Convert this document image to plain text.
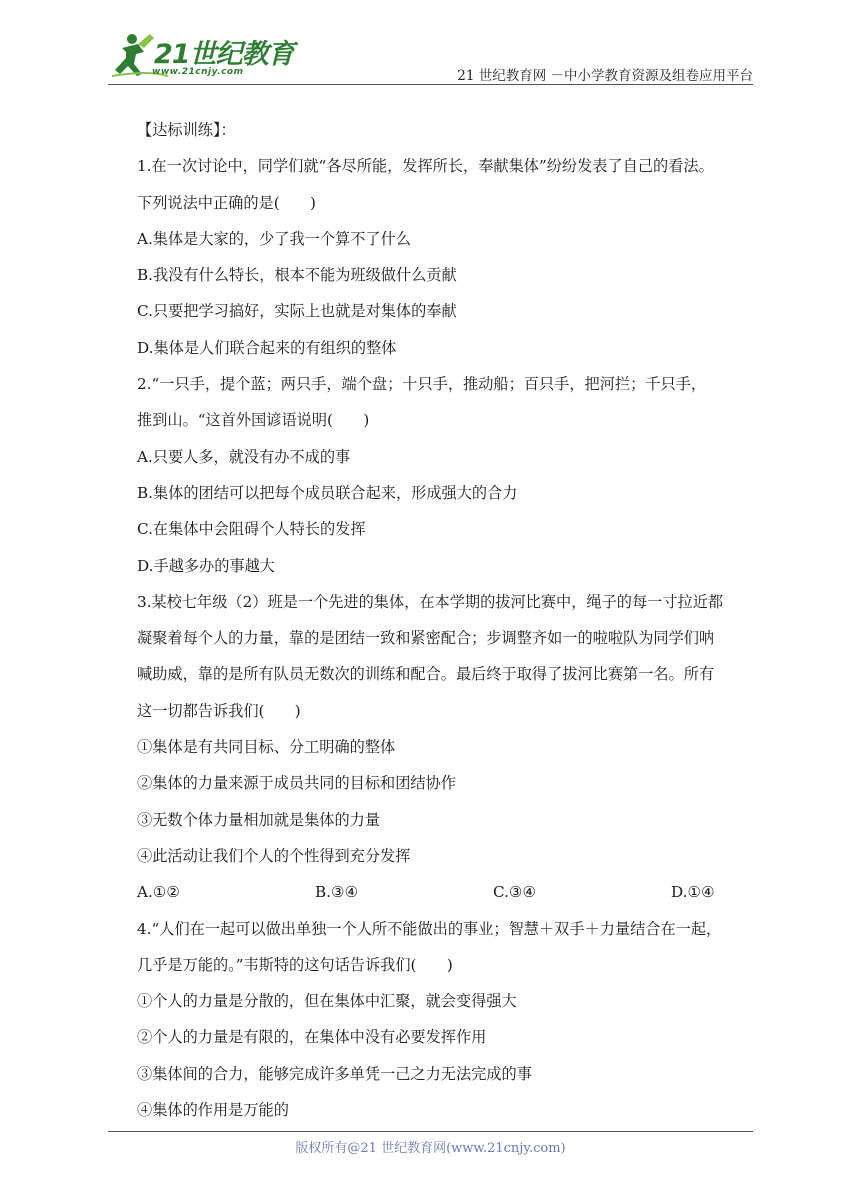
21世纪教育
www.21cnjy.com	21 世纪教育网 －中小学教育资源及组卷应用平台
【达标训练】：
1.在一次讨论中，同学们就“各尽所能，发挥所长，奉献集体”纷纷发表了自己的看法。
下列说法中正确的是(　　)
A.集体是大家的，少了我一个算不了什么
B.我没有什么特长，根本不能为班级做什么贡献
C.只要把学习搞好，实际上也就是对集体的奉献
D.集体是人们联合起来的有组织的整体
2.“一只手，提个蓝；两只手，端个盘；十只手，推动船；百只手，把河拦；千只手，
推到山。“这首外国谚语说明(　　)
A.只要人多，就没有办不成的事
B.集体的团结可以把每个成员联合起来，形成强大的合力
C.在集体中会阻碍个人特长的发挥
D.手越多办的事越大
3.某校七年级（2）班是一个先进的集体，在本学期的拔河比赛中，绳子的每一寸拉近都
凝聚着每个人的力量，靠的是团结一致和紧密配合；步调整齐如一的啦啦队为同学们呐
喊助威，靠的是所有队员无数次的训练和配合。最后终于取得了拔河比赛第一名。所有
这一切都告诉我们(　　)
①集体是有共同目标、分工明确的整体
②集体的力量来源于成员共同的目标和团结协作
③无数个体力量相加就是集体的力量
④此活动让我们个人的个性得到充分发挥
A.①②	B.③④	C.③④	D.①④
4.“人们在一起可以做出单独一个人所不能做出的事业；智慧＋双手＋力量结合在一起，
几乎是万能的。”韦斯特的这句话告诉我们(　　)
①个人的力量是分散的，但在集体中汇聚，就会变得强大
②个人的力量是有限的，在集体中没有必要发挥作用
③集体间的合力，能够完成许多单凭一己之力无法完成的事
④集体的作用是万能的
版权所有@21 世纪教育网(www.21cnjy.com)
